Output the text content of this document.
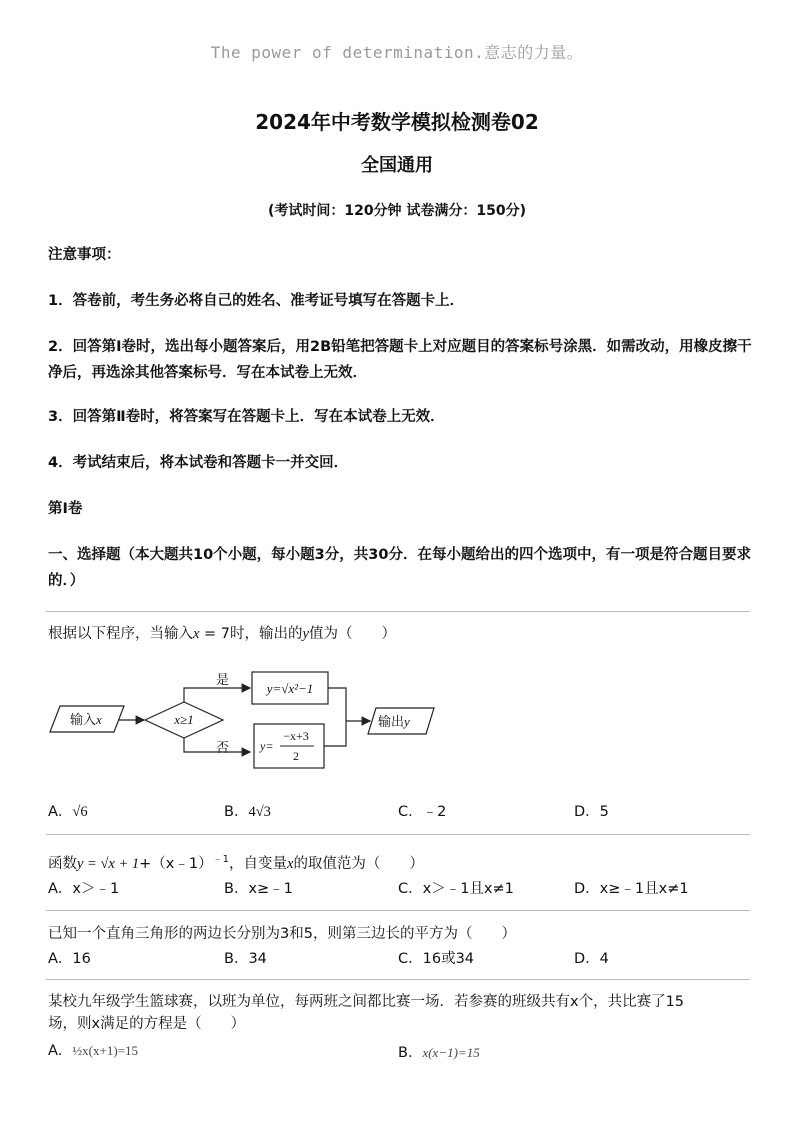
The power of determination.意志的力量。
2024年中考数学模拟检测卷02
全国通用
(考试时间：120分钟 试卷满分：150分)
注意事项：
1．答卷前，考生务必将自己的姓名、准考证号填写在答题卡上．
2．回答第Ⅰ卷时，选出每小题答案后，用2B铅笔把答题卡上对应题目的答案标号涂黑．如需改动，用橡皮擦干净后，再选涂其他答案标号．写在本试卷上无效．
3．回答第Ⅱ卷时，将答案写在答题卡上．写在本试卷上无效．
4．考试结束后，将本试卷和答题卡一并交回．
第Ⅰ卷
一、选择题（本大题共10个小题，每小题3分，共30分．在每小题给出的四个选项中，有一项是符合题目要求的．）
根据以下程序，当输入x = 7时，输出的y值为（　　）
输入x	x≥1
是
否
y=√x²−1
y=
−x+3
2
输出y
A．√6	B．4√3	C．﹣2	D．5
函数y = √x + 1+（x﹣1）$^{﹣1}$，自变量x的取值范为（　　）
A．x＞﹣1	B．x≥﹣1	C．x＞﹣1且x≠1	D．x≥﹣1且x≠1
已知一个直角三角形的两边长分别为3和5，则第三边长的平方为（　　）
A．16	B．34	C．16或34	D．4
某校九年级学生篮球赛，以班为单位，每两班之间都比赛一场．若参赛的班级共有x个，共比赛了15
场，则x满足的方程是（　　）
A．½x(x+1)=15	B．x(x−1)=15
